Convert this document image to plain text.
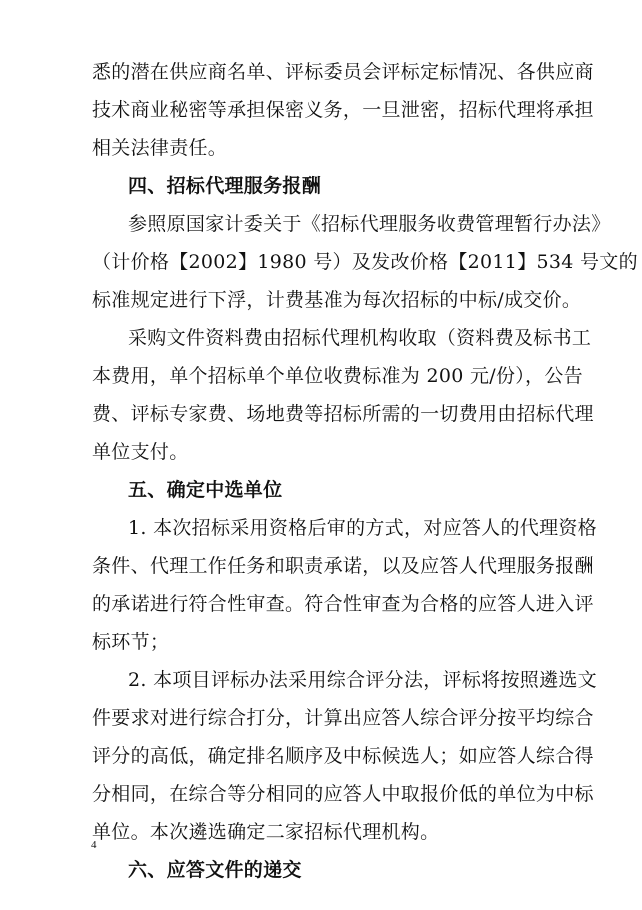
悉的潜在供应商名单、评标委员会评标定标情况、各供应商
技术商业秘密等承担保密义务，一旦泄密，招标代理将承担
相关法律责任。
四、招标代理服务报酬
参照原国家计委关于《招标代理服务收费管理暂行办法》
（计价格【2002】1980 号）及发改价格【2011】534 号文的
标准规定进行下浮，计费基准为每次招标的中标/成交价。
采购文件资料费由招标代理机构收取（资料费及标书工
本费用，单个招标单个单位收费标准为 200 元/份），公告
费、评标专家费、场地费等招标所需的一切费用由招标代理
单位支付。
五、确定中选单位
1. 本次招标采用资格后审的方式，对应答人的代理资格
条件、代理工作任务和职责承诺，以及应答人代理服务报酬
的承诺进行符合性审查。符合性审查为合格的应答人进入评
标环节；
2. 本项目评标办法采用综合评分法，评标将按照遴选文
件要求对进行综合打分，计算出应答人综合评分按平均综合
评分的高低，确定排名顺序及中标候选人；如应答人综合得
分相同，在综合等分相同的应答人中取报价低的单位为中标
单位。本次遴选确定二家招标代理机构。
六、应答文件的递交
4
